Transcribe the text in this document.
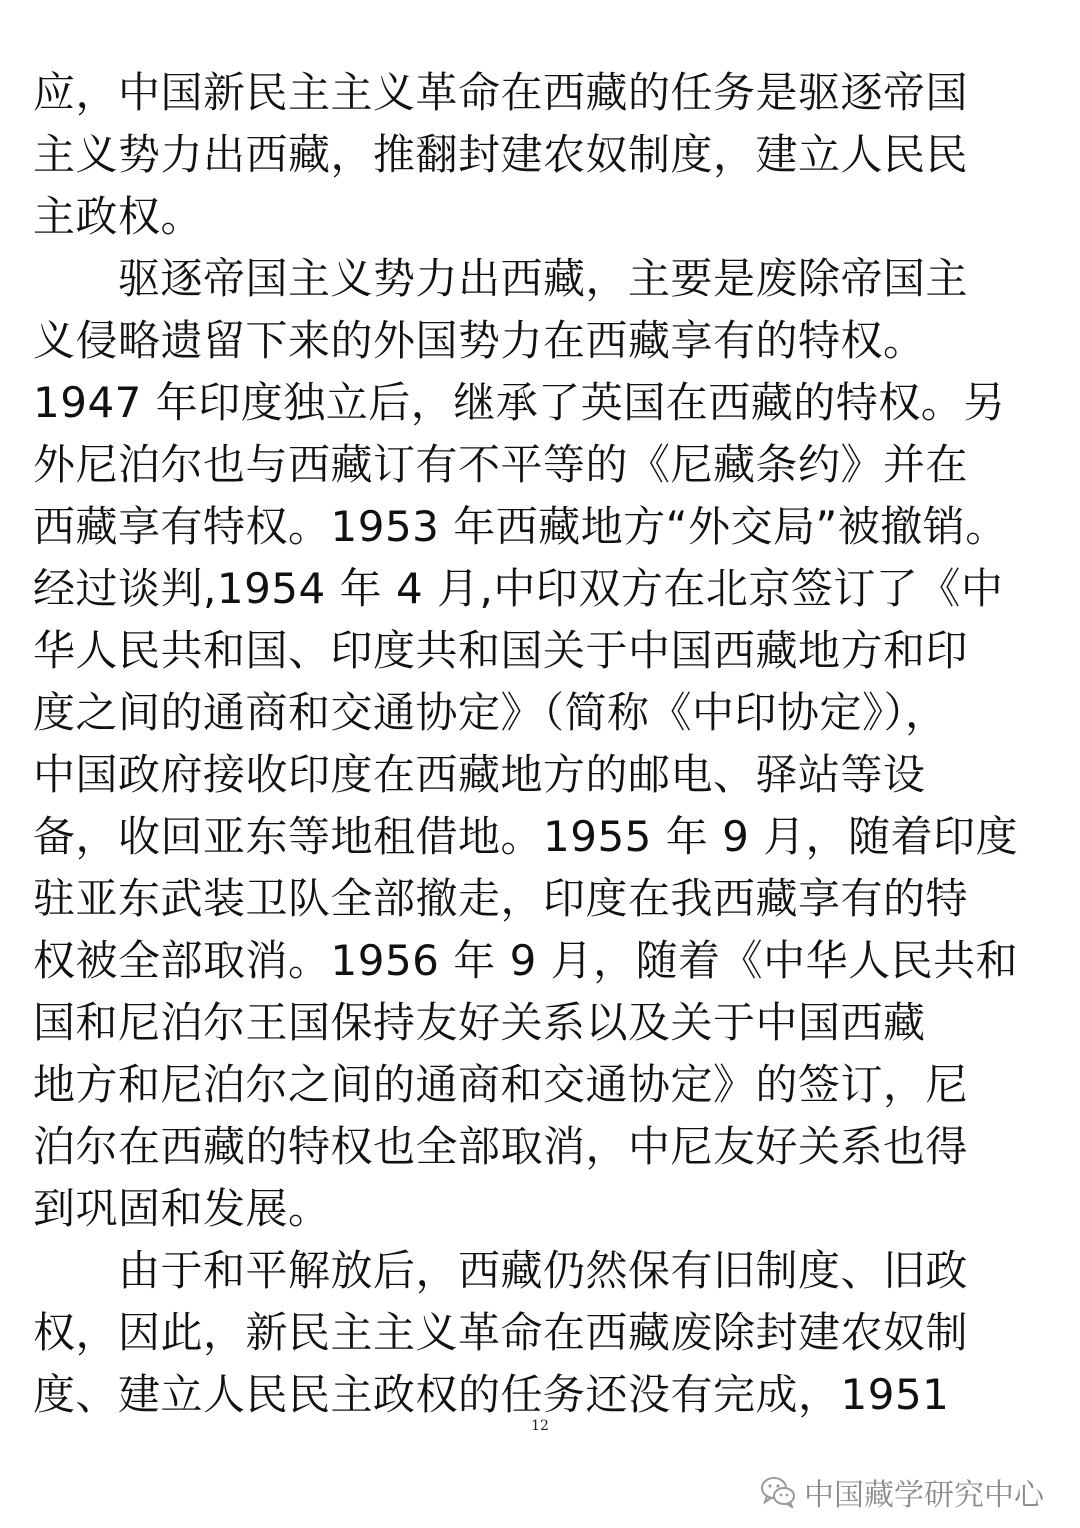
应，中国新民主主义革命在西藏的任务是驱逐帝国
主义势力出西藏，推翻封建农奴制度，建立人民民
主政权。
　　驱逐帝国主义势力出西藏，主要是废除帝国主
义侵略遗留下来的外国势力在西藏享有的特权。
1947 年印度独立后，继承了英国在西藏的特权。另
外尼泊尔也与西藏订有不平等的《尼藏条约》并在
西藏享有特权。1953 年西藏地方“外交局”被撤销。
经过谈判,1954 年 4 月,中印双方在北京签订了《中
华人民共和国、印度共和国关于中国西藏地方和印
度之间的通商和交通协定》（简称《中印协定》），
中国政府接收印度在西藏地方的邮电、驿站等设
备，收回亚东等地租借地。1955 年 9 月，随着印度
驻亚东武装卫队全部撤走，印度在我西藏享有的特
权被全部取消。1956 年 9 月，随着《中华人民共和
国和尼泊尔王国保持友好关系以及关于中国西藏
地方和尼泊尔之间的通商和交通协定》的签订，尼
泊尔在西藏的特权也全部取消，中尼友好关系也得
到巩固和发展。
　　由于和平解放后，西藏仍然保有旧制度、旧政
权，因此，新民主主义革命在西藏废除封建农奴制
度、建立人民民主政权的任务还没有完成，1951
12
中国藏学研究中心
